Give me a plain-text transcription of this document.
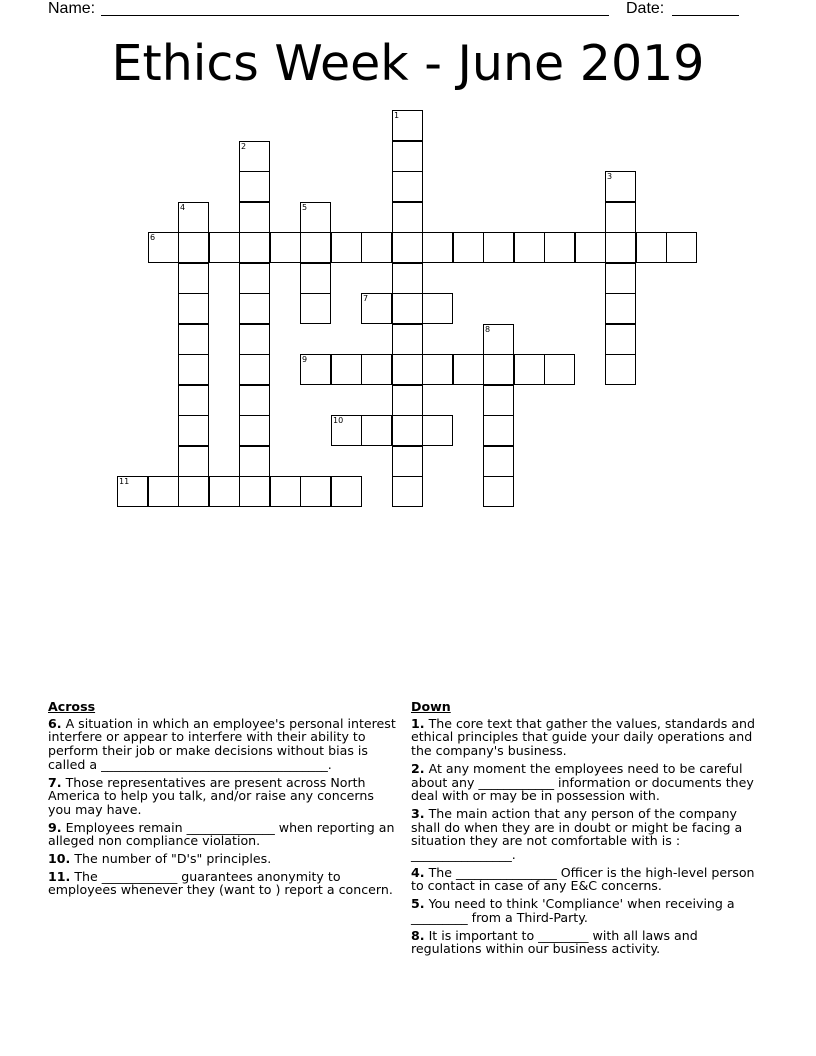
Name:	Date:
Ethics Week - June 2019
1
2
3
4	5
6
7
8
9
10
11
Across
6. A situation in which an employee's personal interest interfere or appear to interfere with their ability to perform their job or make decisions without bias is called a ____________________________________.
7. Those representatives are present across North America to help you talk, and/or raise any concerns you may have.
9. Employees remain ______________ when reporting an alleged non compliance violation.
10. The number of "D's" principles.
11. The ____________ guarantees anonymity to employees whenever they (want to ) report a concern.
Down
1. The core text that gather the values, standards and ethical principles that guide your daily operations and the company's business.
2. At any moment the employees need to be careful about any ____________ information or documents they deal with or may be in possession with.
3. The main action that any person of the company shall do when they are in doubt or might be facing a situation they are not comfortable with is : ________________.
4. The ________________ Officer is the high-level person to contact in case of any E&C concerns.
5. You need to think 'Compliance' when receiving a _________ from a Third-Party.
8. It is important to ________ with all laws and regulations within our business activity.
